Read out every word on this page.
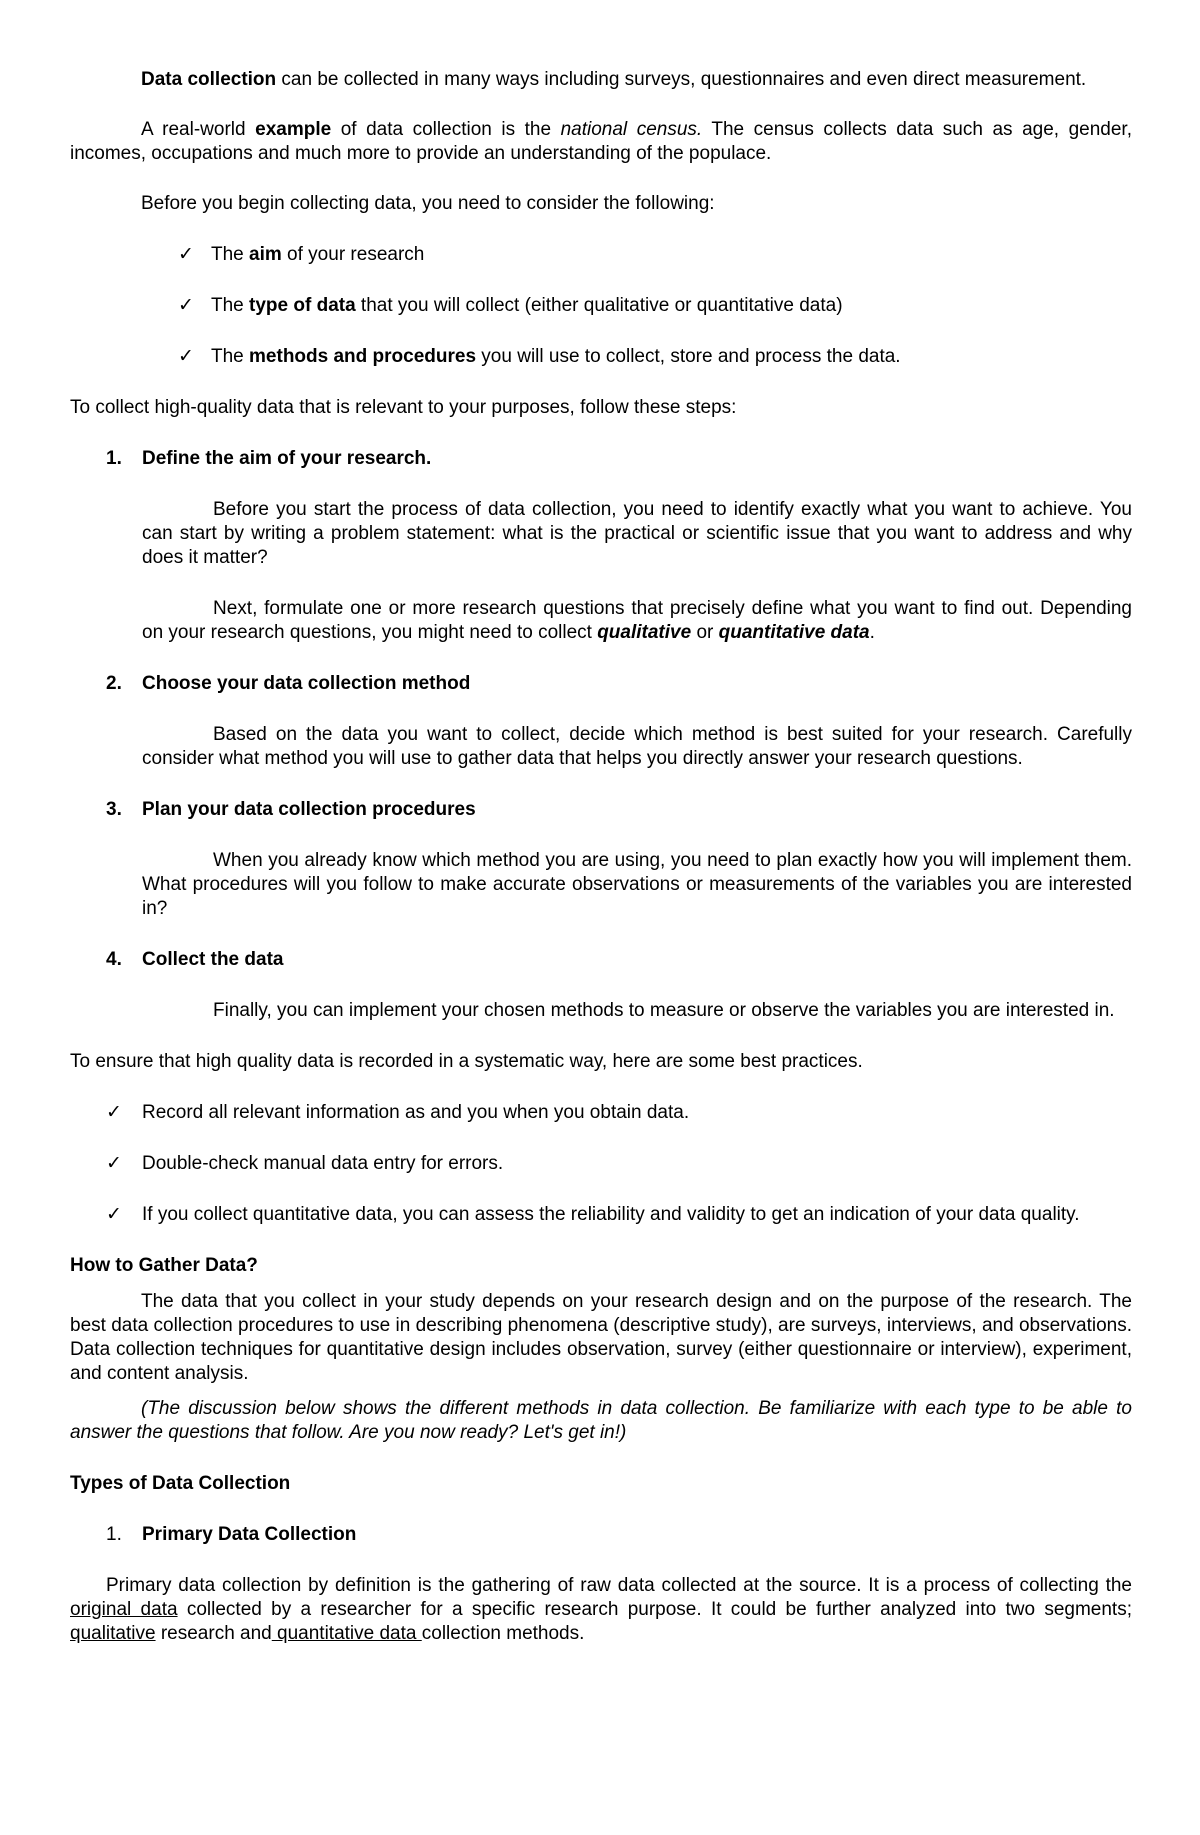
Data collection can be collected in many ways including surveys, questionnaires and even direct measurement.

A real-world example of data collection is the national census. The census collects data such as age, gender, incomes, occupations and much more to provide an understanding of the populace.

Before you begin collecting data, you need to consider the following:

✓ The aim of your research
✓ The type of data that you will collect (either qualitative or quantitative data)
✓ The methods and procedures you will use to collect, store and process the data.

To collect high-quality data that is relevant to your purposes, follow these steps:

1. Define the aim of your research.

Before you start the process of data collection, you need to identify exactly what you want to achieve. You can start by writing a problem statement: what is the practical or scientific issue that you want to address and why does it matter?

Next, formulate one or more research questions that precisely define what you want to find out. Depending on your research questions, you might need to collect qualitative or quantitative data.

2. Choose your data collection method

Based on the data you want to collect, decide which method is best suited for your research. Carefully consider what method you will use to gather data that helps you directly answer your research questions.

3. Plan your data collection procedures

When you already know which method you are using, you need to plan exactly how you will implement them. What procedures will you follow to make accurate observations or measurements of the variables you are interested in?

4. Collect the data

Finally, you can implement your chosen methods to measure or observe the variables you are interested in.

To ensure that high quality data is recorded in a systematic way, here are some best practices.

✓ Record all relevant information as and you when you obtain data.
✓ Double-check manual data entry for errors.
✓ If you collect quantitative data, you can assess the reliability and validity to get an indication of your data quality.

How to Gather Data?

The data that you collect in your study depends on your research design and on the purpose of the research. The best data collection procedures to use in describing phenomena (descriptive study), are surveys, interviews, and observations. Data collection techniques for quantitative design includes observation, survey (either questionnaire or interview), experiment, and content analysis.

(The discussion below shows the different methods in data collection. Be familiarize with each type to be able to answer the questions that follow. Are you now ready? Let's get in!)

Types of Data Collection

1. Primary Data Collection

Primary data collection by definition is the gathering of raw data collected at the source. It is a process of collecting the original data collected by a researcher for a specific research purpose. It could be further analyzed into two segments; qualitative research and quantitative data collection methods.
